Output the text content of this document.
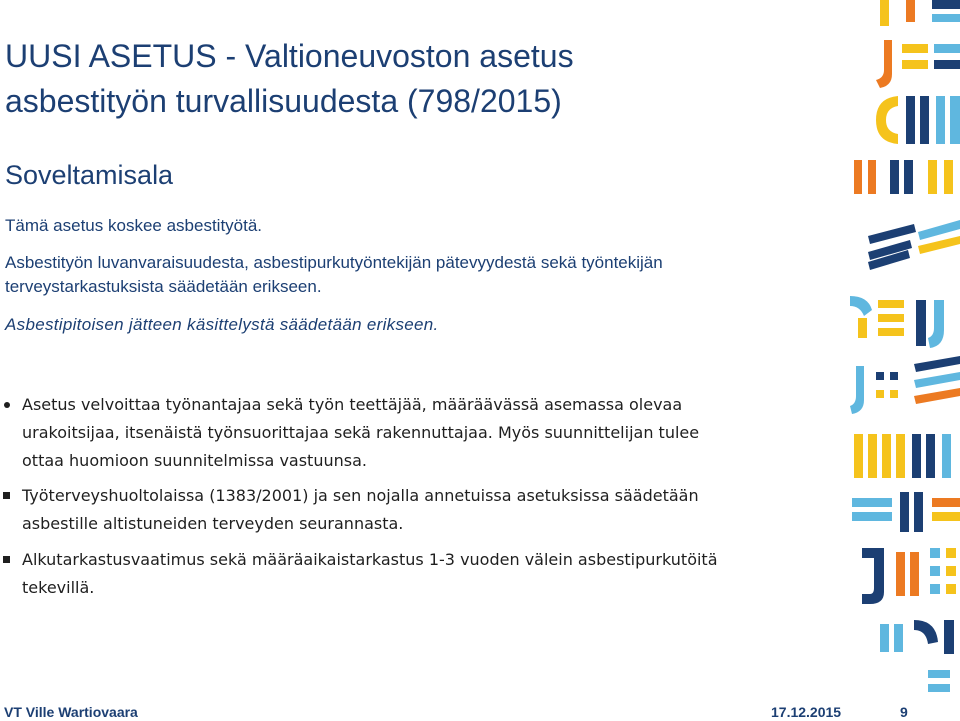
UUSI ASETUS - Valtioneuvoston asetus
asbestityön turvallisuudesta (798/2015)
Soveltamisala

Tämä asetus koskee asbestityötä.

Asbestityön luvanvaraisuudesta, asbestipurkutyöntekijän pätevyydestä sekä työntekijän
terveystarkastuksista säädetään erikseen.

Asbestipitoisen jätteen käsittelystä säädetään erikseen.

Asetus velvoittaa työnantajaa sekä työn teettäjää, määräävässä asemassa olevaa
urakoitsijaa, itsenäistä työnsuorittajaa sekä rakennuttajaa. Myös suunnittelijan tulee
ottaa huomioon suunnitelmissa vastuunsa.
Työterveyshuoltolaissa (1383/2001) ja sen nojalla annetuissa asetuksissa säädetään
asbestille altistuneiden terveyden seurannasta.
Alkutarkastusvaatimus sekä määräaikaistarkastus 1-3 vuoden välein asbestipurkutöitä
tekevillä.
VT Ville Wartiovaara	17.12.2015	9
